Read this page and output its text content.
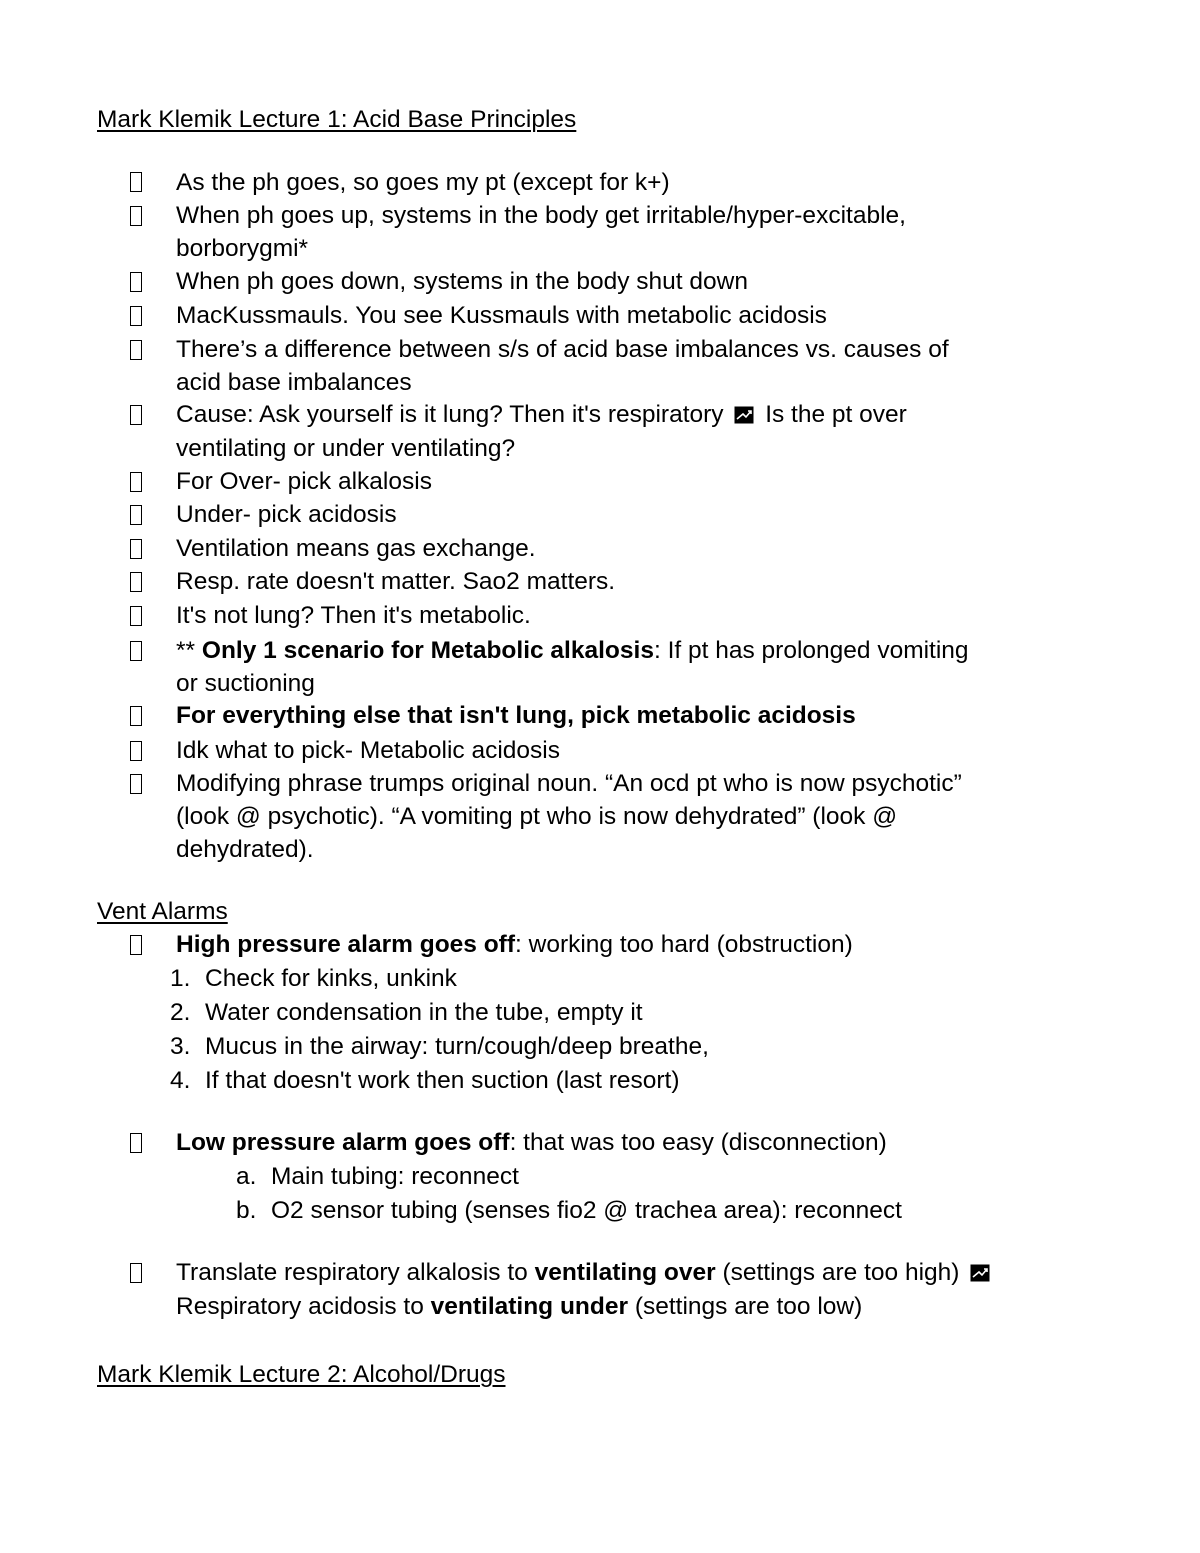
Mark Klemik Lecture 1: Acid Base Principles
As the ph goes, so goes my pt (except for k+)
When ph goes up, systems in the body get irritable/hyper-excitable,
borborygmi*
When ph goes down, systems in the body shut down
MacKussmauls. You see Kussmauls with metabolic acidosis
There’s a difference between s/s of acid base imbalances vs. causes of
acid base imbalances
Cause: Ask yourself is it lung? Then it's respiratory Is the pt over
ventilating or under ventilating?
For Over- pick alkalosis
Under- pick acidosis
Ventilation means gas exchange.
Resp. rate doesn't matter. Sao2 matters.
It's not lung? Then it's metabolic.
** Only 1 scenario for Metabolic alkalosis: If pt has prolonged vomiting
or suctioning
For everything else that isn't lung, pick metabolic acidosis
Idk what to pick- Metabolic acidosis
Modifying phrase trumps original noun. “An ocd pt who is now psychotic”
(look @ psychotic). “A vomiting pt who is now dehydrated” (look @
dehydrated).
Vent Alarms
High pressure alarm goes off: working too hard (obstruction)
1. Check for kinks, unkink
2. Water condensation in the tube, empty it
3. Mucus in the airway: turn/cough/deep breathe,
4. If that doesn't work then suction (last resort)
Low pressure alarm goes off: that was too easy (disconnection)
a. Main tubing: reconnect
b. O2 sensor tubing (senses fio2 @ trachea area): reconnect
Translate respiratory alkalosis to ventilating over (settings are too high)
Respiratory acidosis to ventilating under (settings are too low)
Mark Klemik Lecture 2: Alcohol/Drugs
